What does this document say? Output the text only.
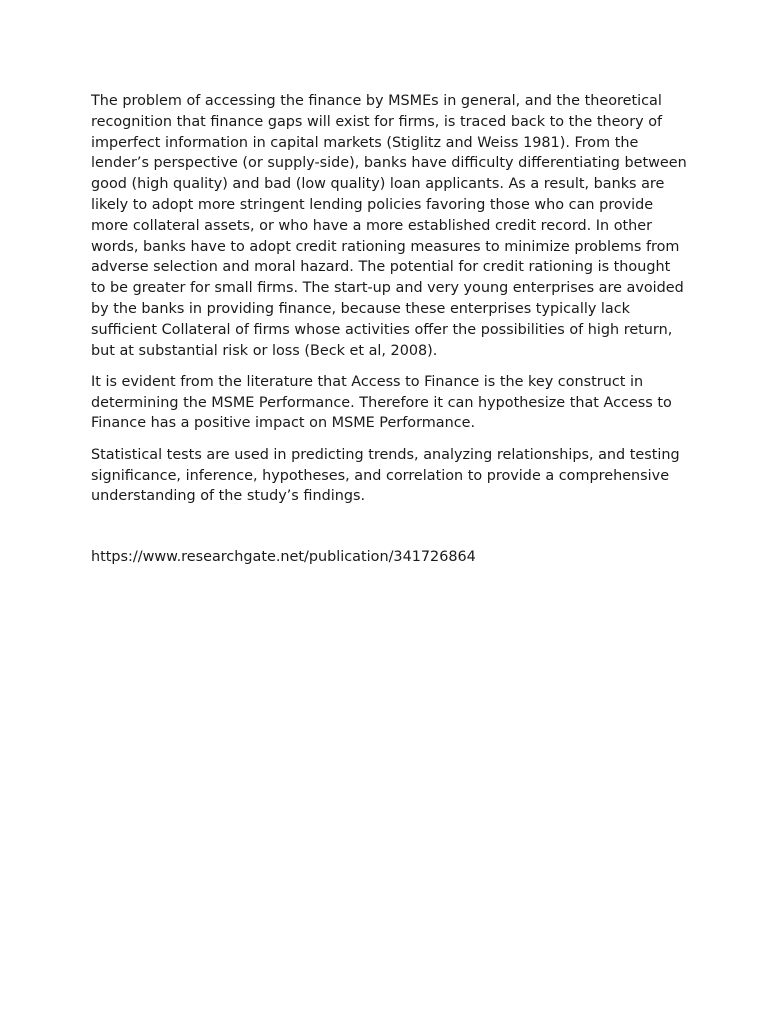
The problem of accessing the finance by MSMEs in general, and the theoretical recognition that finance gaps will exist for firms, is traced back to the theory of imperfect information in capital markets (Stiglitz and Weiss 1981). From the lender’s perspective (or supply-side), banks have difficulty differentiating between good (high quality) and bad (low quality) loan applicants. As a result, banks are likely to adopt more stringent lending policies favoring those who can provide more collateral assets, or who have a more established credit record. In other words, banks have to adopt credit rationing measures to minimize problems from adverse selection and moral hazard. The potential for credit rationing is thought to be greater for small firms. The start-up and very young enterprises are avoided by the banks in providing finance, because these enterprises typically lack sufficient Collateral of firms whose activities offer the possibilities of high return, but at substantial risk or loss (Beck et al, 2008).

It is evident from the literature that Access to Finance is the key construct in determining the MSME Performance. Therefore it can hypothesize that Access to Finance has a positive impact on MSME Performance.

Statistical tests are used in predicting trends, analyzing relationships, and testing significance, inference, hypotheses, and correlation to provide a comprehensive understanding of the study’s findings.

https://www.researchgate.net/publication/341726864
